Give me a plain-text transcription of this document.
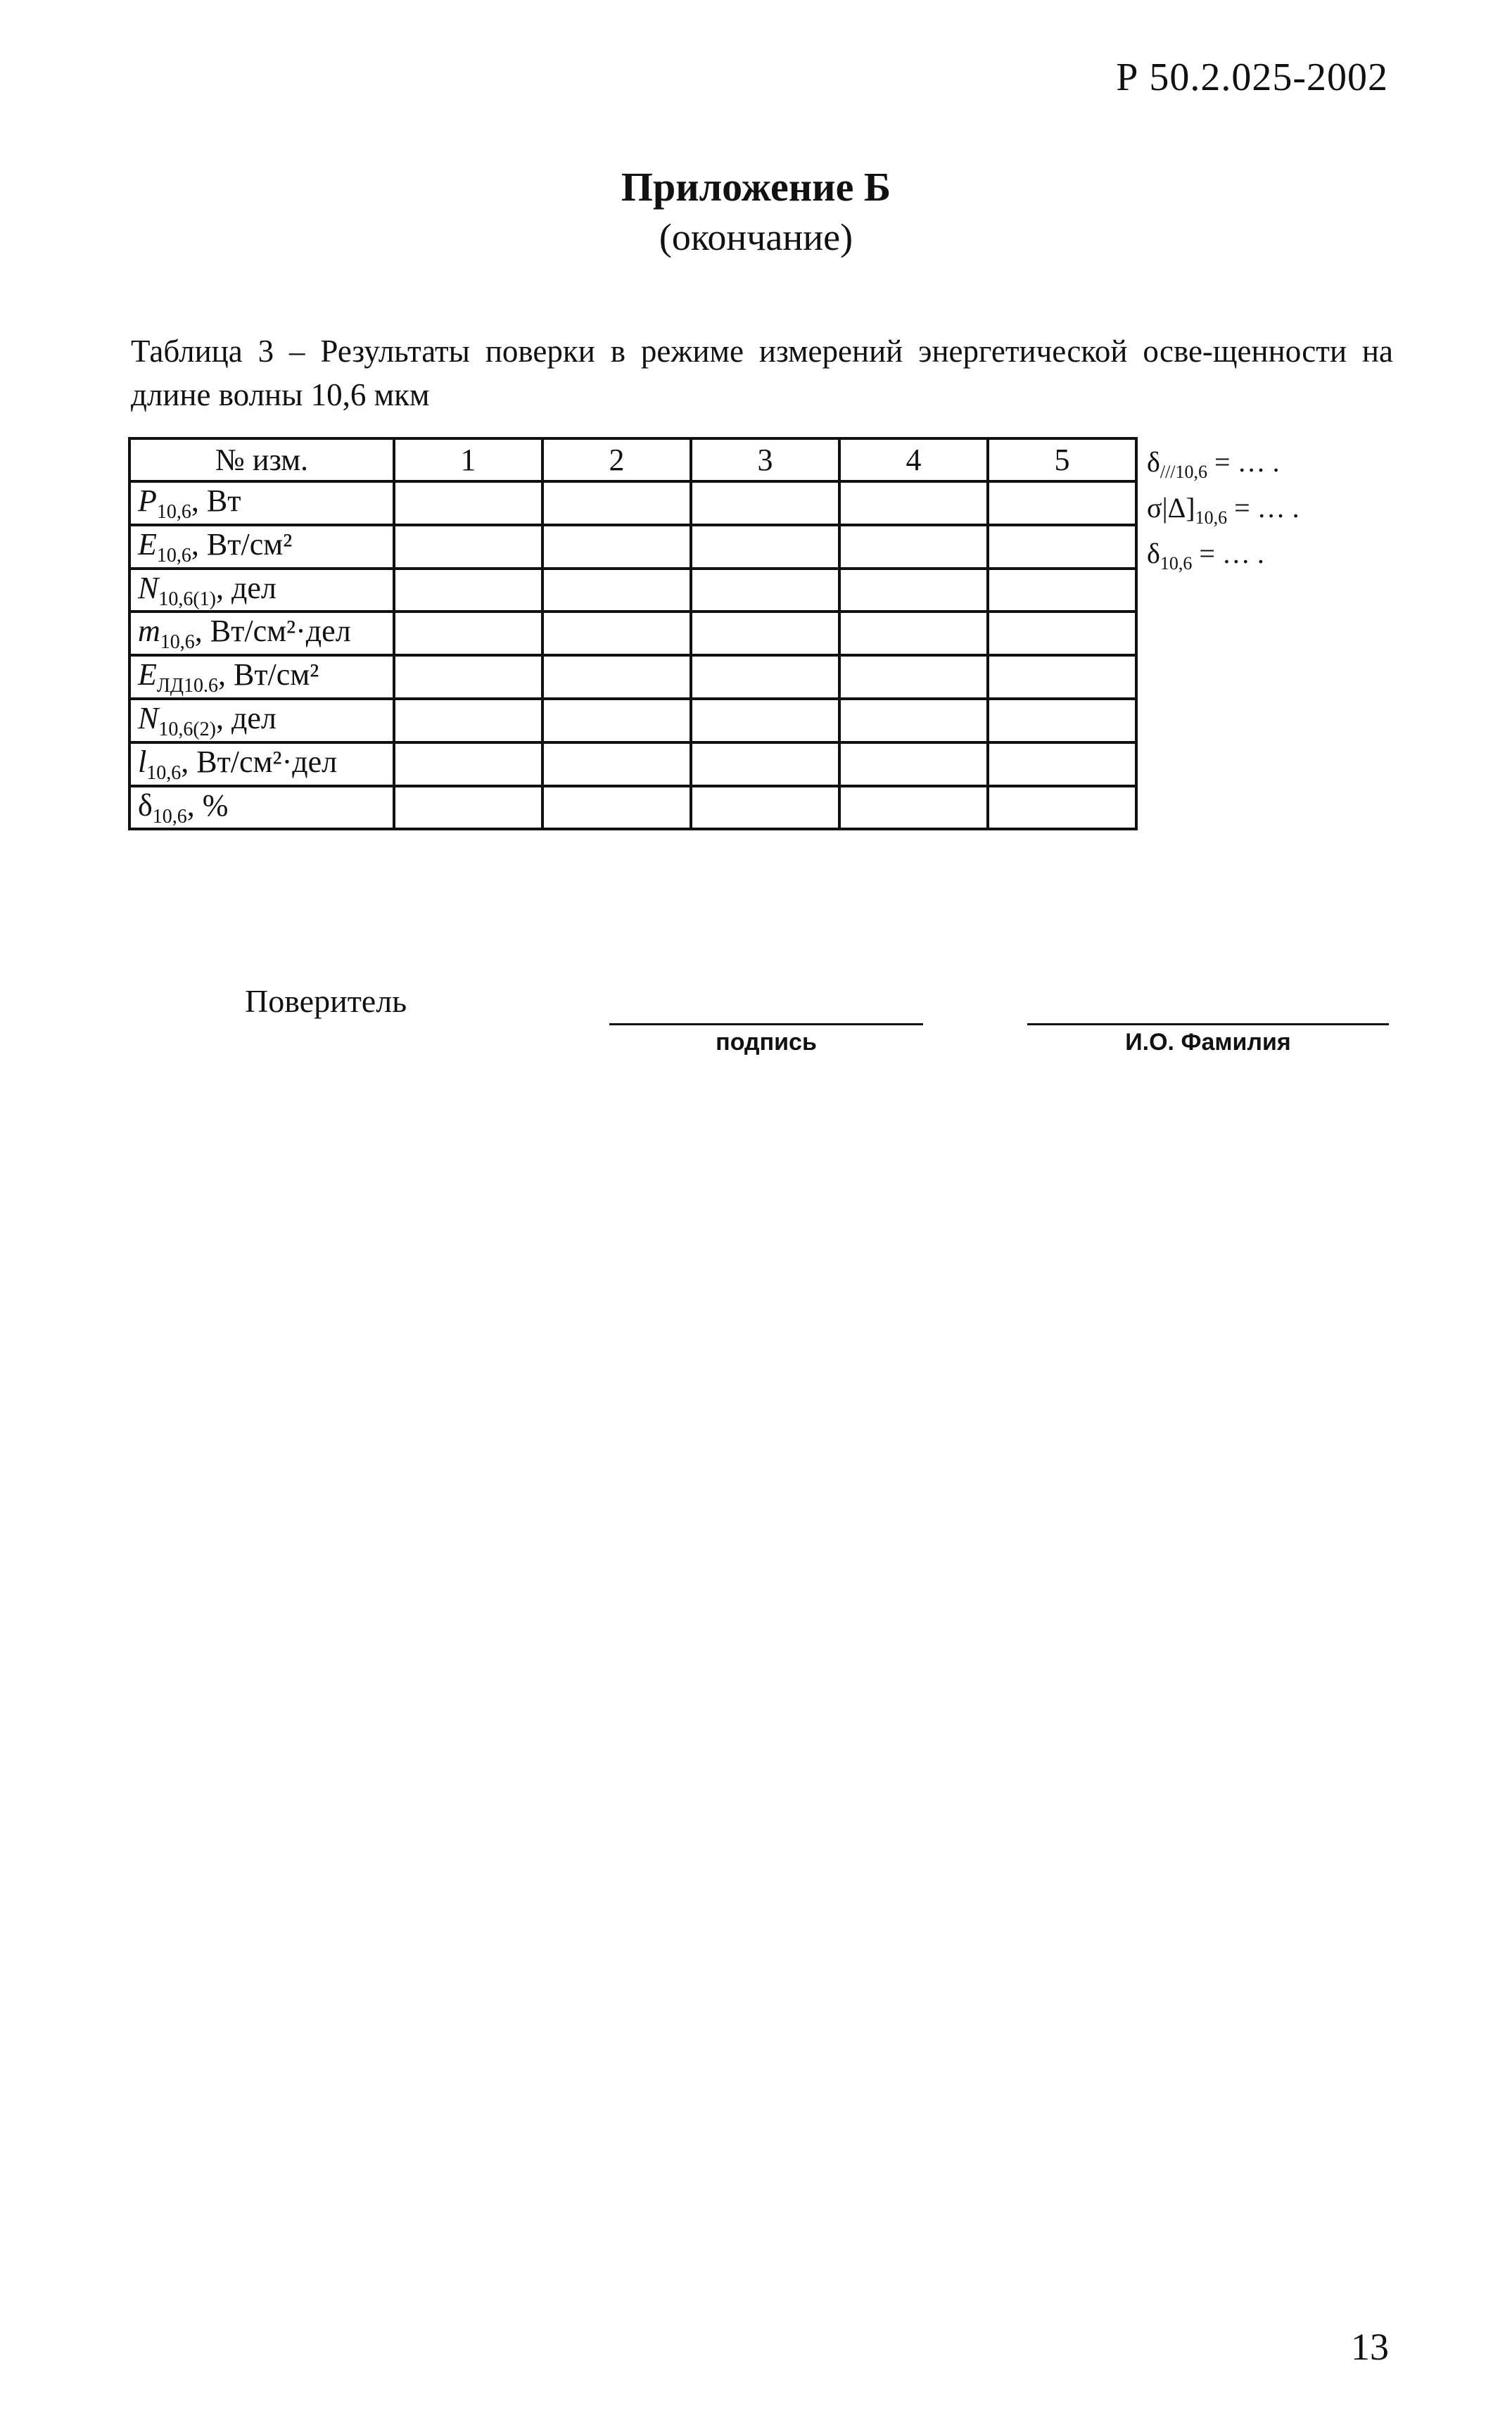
Р 50.2.025-2002
Приложение Б
(окончание)
Таблица 3 – Результаты поверки в режиме измерений энергетической осве-щенности на длине волны 10,6 мкм
№ изм.	1	2	3	4	5
$P_{10,6}$, Вт					
$E_{10,6}$, Вт/см²					
$N_{10,6(1)}$, дел					
$m_{10,6}$, Вт/см²·дел					
$E_{ЛД10.6}$, Вт/см²					
$N_{10,6(2)}$, дел					
$l_{10,6}$, Вт/см²·дел					
$\delta_{10,6}$, %					
$\delta_{///10,6}$ = … .
$\sigma|\Delta]_{10,6}$ = … .
$\delta_{10,6}$ = … .
Поверитель
подпись	И.О. Фамилия
13
